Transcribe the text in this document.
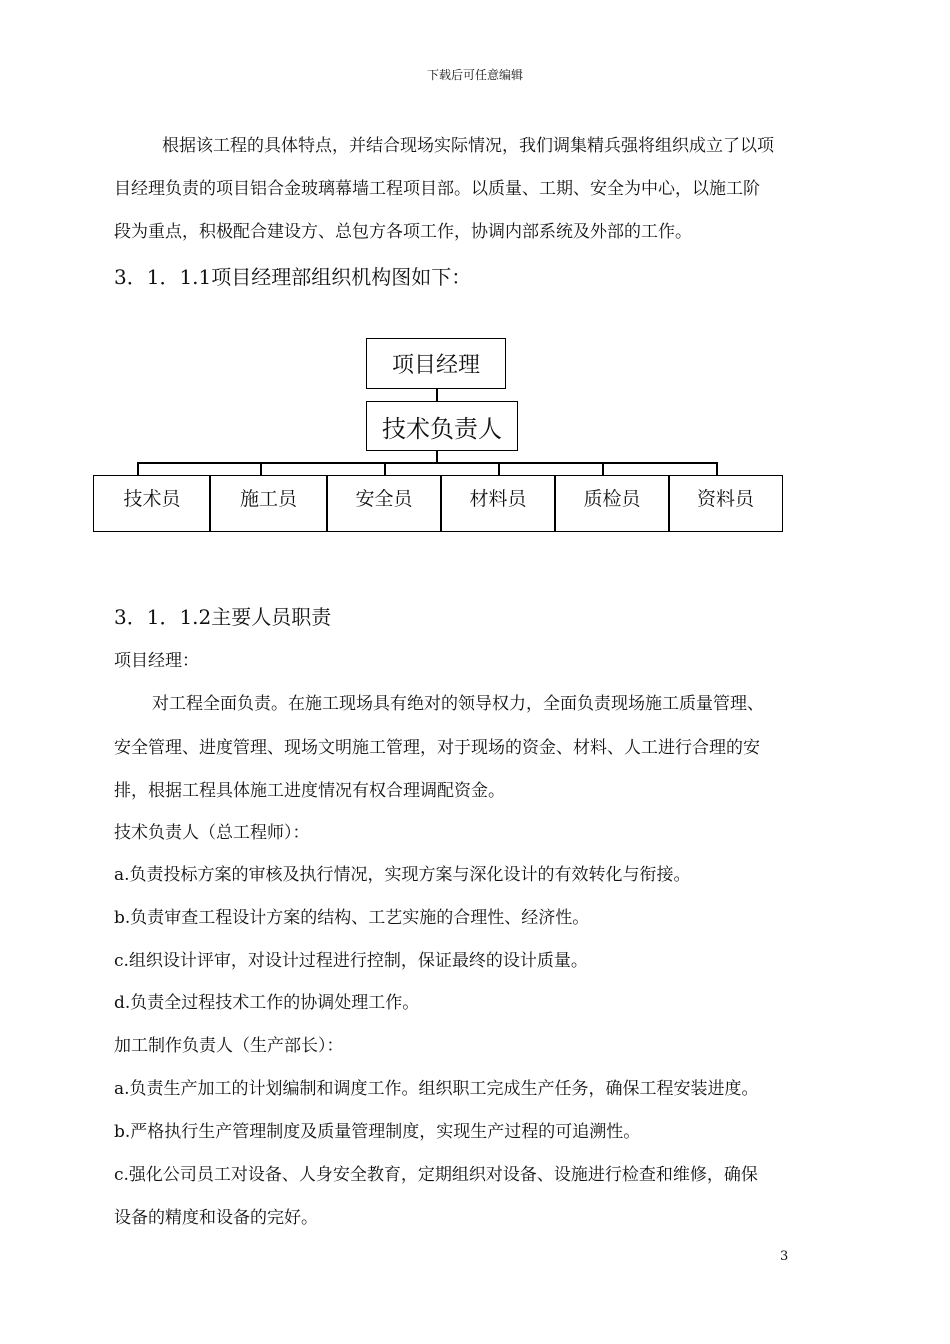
下载后可任意编辑
根据该工程的具体特点，并结合现场实际情况，我们调集精兵强将组织成立了以项
目经理负责的项目铝合金玻璃幕墙工程项目部。以质量、工期、安全为中心，以施工阶
段为重点，积极配合建设方、总包方各项工作，协调内部系统及外部的工作。
3．1．1.1项目经理部组织机构图如下：
项目经理
技术负责人
技术员	施工员	安全员	材料员	质检员	资料员
3．1．1.2主要人员职责
项目经理：
对工程全面负责。在施工现场具有绝对的领导权力，全面负责现场施工质量管理、
安全管理、进度管理、现场文明施工管理，对于现场的资金、材料、人工进行合理的安
排，根据工程具体施工进度情况有权合理调配资金。
技术负责人（总工程师）：
a.负责投标方案的审核及执行情况，实现方案与深化设计的有效转化与衔接。
b.负责审查工程设计方案的结构、工艺实施的合理性、经济性。
c.组织设计评审，对设计过程进行控制，保证最终的设计质量。
d.负责全过程技术工作的协调处理工作。
加工制作负责人（生产部长）：
a.负责生产加工的计划编制和调度工作。组织职工完成生产任务，确保工程安装进度。
b.严格执行生产管理制度及质量管理制度，实现生产过程的可追溯性。
c.强化公司员工对设备、人身安全教育，定期组织对设备、设施进行检查和维修，确保
设备的精度和设备的完好。
3
